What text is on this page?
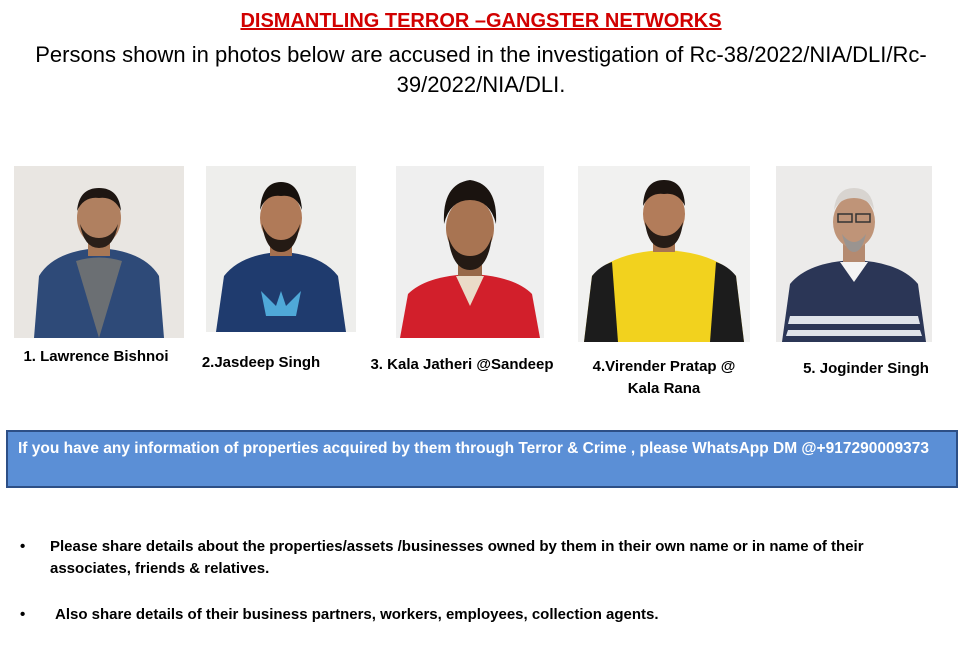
DISMANTLING TERROR –GANGSTER NETWORKS
Persons shown in photos below are accused in the investigation of Rc-38/2022/NIA/DLI/Rc-39/2022/NIA/DLI.
1. Lawrence Bishnoi	2.Jasdeep Singh	3. Kala Jatheri @Sandeep	4.Virender Pratap @ Kala Rana
5. Joginder Singh
If you have any information of properties acquired by them through Terror & Crime , please WhatsApp DM @+917290009373
• Please share details about the properties/assets /businesses owned by them in their own name or in name of their associates, friends & relatives.
• Also share details of their business partners, workers, employees, collection agents.
